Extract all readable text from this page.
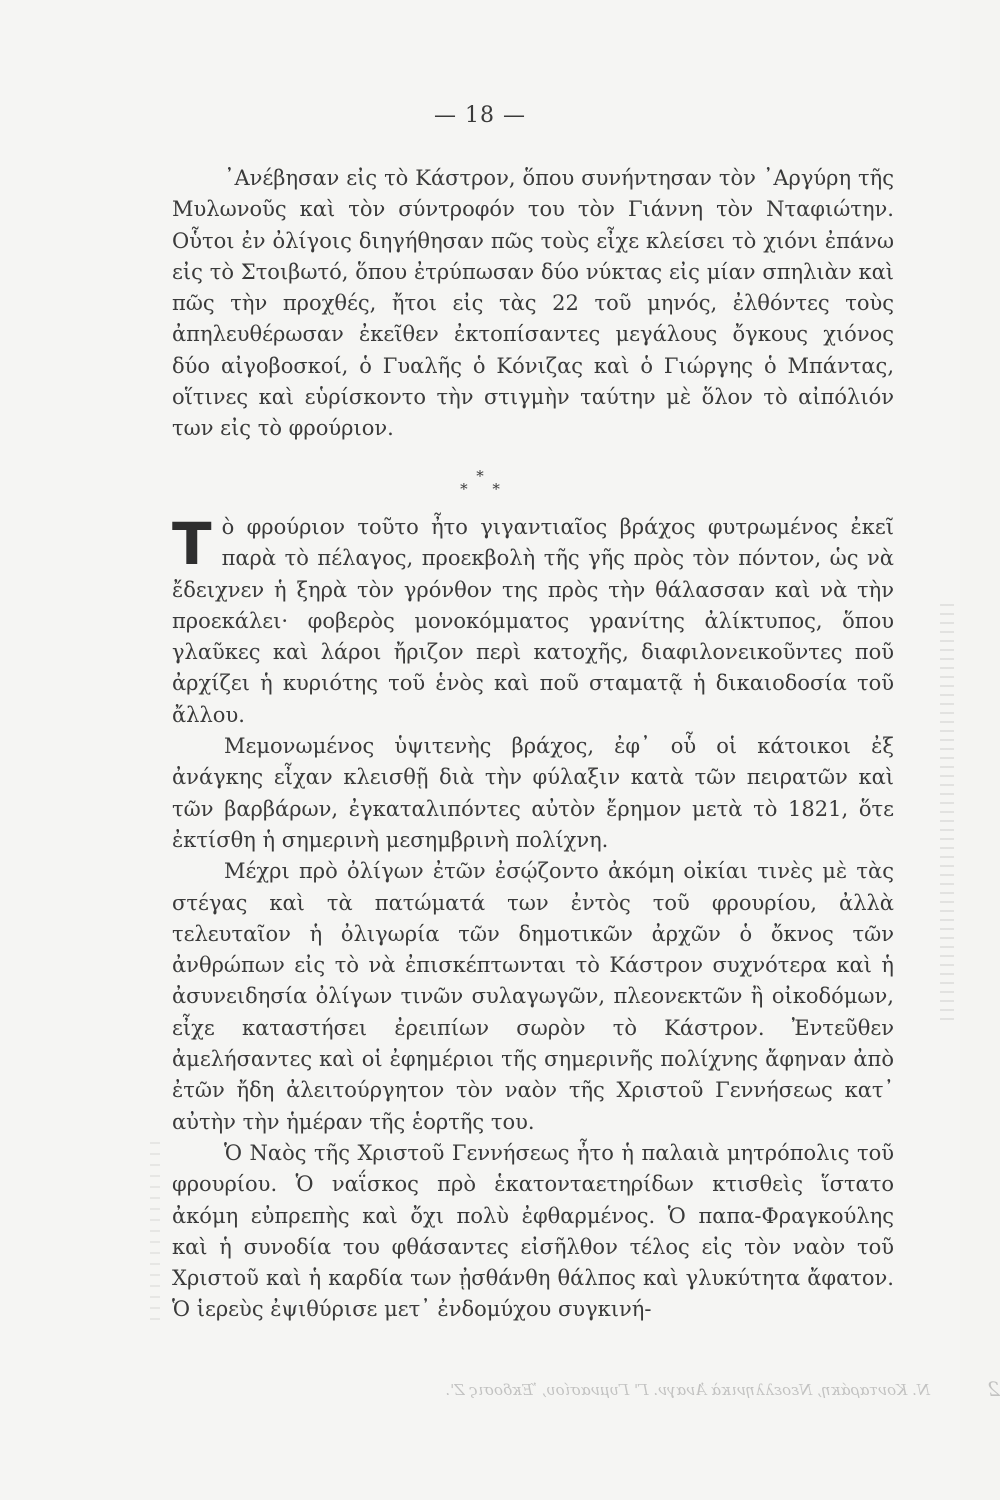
— 18 —

᾿Ανέβησαν εἰς τὸ Κάστρον, ὅπου συνήντησαν τὸν ᾿Αργύρη τῆς Μυλωνοῦς καὶ τὸν σύντροφόν του τὸν Γιάννη τὸν Νταφιώτην. Οὗτοι ἐν ὀλίγοις διηγήθησαν πῶς τοὺς εἶχε κλείσει τὸ χιόνι ἐπάνω εἰς τὸ Στοιβωτό, ὅπου ἐτρύπωσαν δύο νύκτας εἰς μίαν σπηλιὰν καὶ πῶς τὴν προχθές, ἤτοι εἰς τὰς 22 τοῦ μηνός, ἐλθόντες τοὺς ἀπηλευθέρωσαν ἐκεῖθεν ἐκτοπίσαντες μεγάλους ὄγκους χιόνος δύο αἰγοβοσκοί, ὁ Γυαλῆς ὁ Κόνιζας καὶ ὁ Γιώργης ὁ Μπάντας, οἵτινες καὶ εὑρίσκοντο τὴν στιγμὴν ταύτην μὲ ὅλον τὸ αἰπόλιόν των εἰς τὸ φρούριον.

*
* *

Τὸ φρούριον τοῦτο ἦτο γιγαντιαῖος βράχος φυτρωμένος ἐκεῖ παρὰ τὸ πέλαγος, προεκβολὴ τῆς γῆς πρὸς τὸν πόντον, ὡς νὰ ἔδειχνεν ἡ ξηρὰ τὸν γρόνθον της πρὸς τὴν θάλασσαν καὶ νὰ τὴν προεκάλει· φοβερὸς μονοκόμματος γρανίτης ἀλίκτυπος, ὅπου γλαῦκες καὶ λάροι ἤριζον περὶ κατοχῆς, διαφιλονεικοῦντες ποῦ ἀρχίζει ἡ κυριότης τοῦ ἑνὸς καὶ ποῦ σταματᾷ ἡ δικαιοδοσία τοῦ ἄλλου.

Μεμονωμένος ὑψιτενὴς βράχος, ἐφ᾿ οὗ οἱ κάτοικοι ἐξ ἀνάγκης εἶχαν κλεισθῇ διὰ τὴν φύλαξιν κατὰ τῶν πειρατῶν καὶ τῶν βαρβάρων, ἐγκαταλιπόντες αὐτὸν ἔρημον μετὰ τὸ 1821, ὅτε ἐκτίσθη ἡ σημερινὴ μεσημβρινὴ πολίχνη.

Μέχρι πρὸ ὀλίγων ἐτῶν ἐσῴζοντο ἀκόμη οἰκίαι τινὲς μὲ τὰς στέγας καὶ τὰ πατώματά των ἐντὸς τοῦ φρουρίου, ἀλλὰ τελευταῖον ἡ ὀλιγωρία τῶν δημοτικῶν ἀρχῶν ὁ ὄκνος τῶν ἀνθρώπων εἰς τὸ νὰ ἐπισκέπτωνται τὸ Κάστρον συχνότερα καὶ ἡ ἀσυνειδησία ὀλίγων τινῶν συλαγωγῶν, πλεονεκτῶν ἢ οἰκοδόμων, εἶχε καταστήσει ἐρειπίων σωρὸν τὸ Κάστρον. Ἐντεῦθεν ἀμελήσαντες καὶ οἱ ἐφημέριοι τῆς σημερινῆς πολίχνης ἄφηναν ἀπὸ ἐτῶν ἤδη ἀλειτούργητον τὸν ναὸν τῆς Χριστοῦ Γεννήσεως κατ᾿ αὐτὴν τὴν ἡμέραν τῆς ἑορτῆς του.

Ὁ Ναὸς τῆς Χριστοῦ Γεννήσεως ἦτο ἡ παλαιὰ μητρόπολις τοῦ φρουρίου. Ὁ ναΐσκος πρὸ ἑκατονταετηρίδων κτισθεὶς ἵστατο ἀκόμη εὐπρεπὴς καὶ ὄχι πολὺ ἐφθαρμένος. Ὁ παπα-Φραγκούλης καὶ ἡ συνοδία του φθάσαντες εἰσῆλθον τέλος εἰς τὸν ναὸν τοῦ Χριστοῦ καὶ ἡ καρδία των ᾐσθάνθη θάλπος καὶ γλυκύτητα ἄφατον. Ὁ ἱερεὺς ἐψιθύρισε μετ᾿ ἐνδομύχου συγκινή-

2
Ν. Κονταράκη, Νεοελληνικὰ Ἀναγν. Γ' Γυμνασίου, Ἔκδοσις Ζ'.
